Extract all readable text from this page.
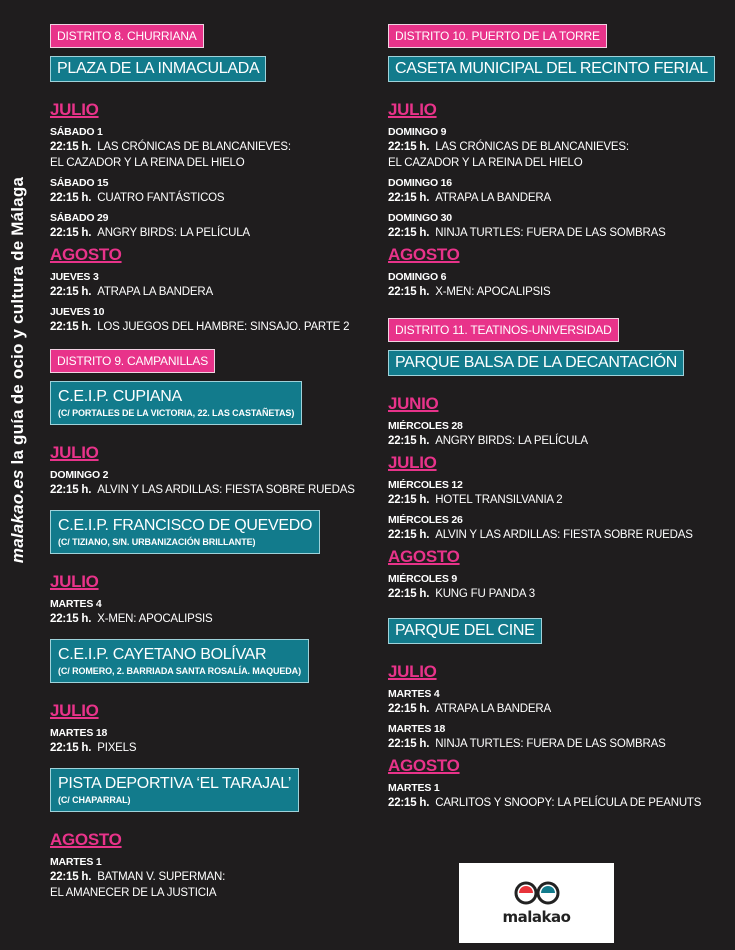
malakao.es la guía de ocio y cultura de Málaga
DISTRITO 8. CHURRIANA
PLAZA DE LA INMACULADA
JULIO
SÁBADO 1
22:15 h. LAS CRÓNICAS DE BLANCANIEVES:
EL CAZADOR Y LA REINA DEL HIELO
SÁBADO 15
22:15 h. CUATRO FANTÁSTICOS
SÁBADO 29
22:15 h. ANGRY BIRDS: LA PELÍCULA
AGOSTO
JUEVES 3
22:15 h. ATRAPA LA BANDERA
JUEVES 10
22:15 h. LOS JUEGOS DEL HAMBRE: SINSAJO. PARTE 2
DISTRITO 9. CAMPANILLAS
C.E.I.P. CUPIANA
(C/ PORTALES DE LA VICTORIA, 22. LAS CASTAÑETAS)
JULIO
DOMINGO 2
22:15 h. ALVIN Y LAS ARDILLAS: FIESTA SOBRE RUEDAS
C.E.I.P. FRANCISCO DE QUEVEDO
(C/ TIZIANO, S/N. URBANIZACIÓN BRILLANTE)
JULIO
MARTES 4
22:15 h. X-MEN: APOCALIPSIS
C.E.I.P. CAYETANO BOLÍVAR
(C/ ROMERO, 2. BARRIADA SANTA ROSALÍA. MAQUEDA)
JULIO
MARTES 18
22:15 h. PIXELS
PISTA DEPORTIVA ‘EL TARAJAL’
(C/ CHAPARRAL)
AGOSTO
MARTES 1
22:15 h. BATMAN V. SUPERMAN:
EL AMANECER DE LA JUSTICIA
DISTRITO 10. PUERTO DE LA TORRE
CASETA MUNICIPAL DEL RECINTO FERIAL
JULIO
DOMINGO 9
22:15 h. LAS CRÓNICAS DE BLANCANIEVES:
EL CAZADOR Y LA REINA DEL HIELO
DOMINGO 16
22:15 h. ATRAPA LA BANDERA
DOMINGO 30
22:15 h. NINJA TURTLES: FUERA DE LAS SOMBRAS
AGOSTO
DOMINGO 6
22:15 h. X-MEN: APOCALIPSIS
DISTRITO 11. TEATINOS-UNIVERSIDAD
PARQUE BALSA DE LA DECANTACIÓN
JUNIO
MIÉRCOLES 28
22:15 h. ANGRY BIRDS: LA PELÍCULA
JULIO
MIÉRCOLES 12
22:15 h. HOTEL TRANSILVANIA 2
MIÉRCOLES 26
22:15 h. ALVIN Y LAS ARDILLAS: FIESTA SOBRE RUEDAS
AGOSTO
MIÉRCOLES 9
22:15 h. KUNG FU PANDA 3
PARQUE DEL CINE
JULIO
MARTES 4
22:15 h. ATRAPA LA BANDERA
MARTES 18
22:15 h. NINJA TURTLES: FUERA DE LAS SOMBRAS
AGOSTO
MARTES 1
22:15 h. CARLITOS Y SNOOPY: LA PELÍCULA DE PEANUTS
malakao
